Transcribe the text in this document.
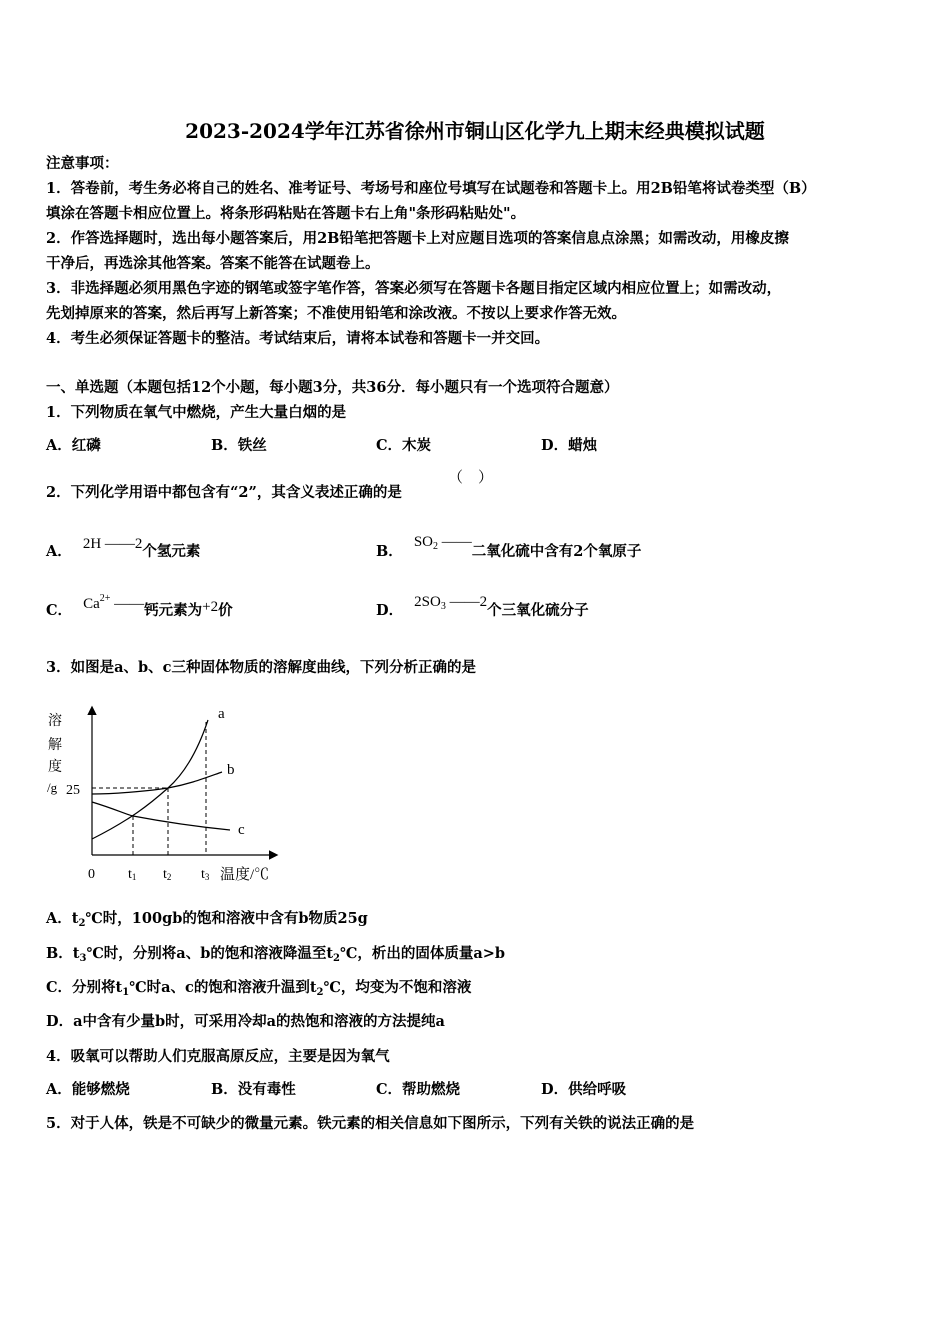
2023-2024学年江苏省徐州市铜山区化学九上期末经典模拟试题
注意事项：
1．答卷前，考生务必将自己的姓名、准考证号、考场号和座位号填写在试题卷和答题卡上。用2B铅笔将试卷类型（B）
填涂在答题卡相应位置上。将条形码粘贴在答题卡右上角"条形码粘贴处"。
2．作答选择题时，选出每小题答案后，用2B铅笔把答题卡上对应题目选项的答案信息点涂黑；如需改动，用橡皮擦
干净后，再选涂其他答案。答案不能答在试题卷上。
3．非选择题必须用黑色字迹的钢笔或签字笔作答，答案必须写在答题卡各题目指定区域内相应位置上；如需改动，
先划掉原来的答案，然后再写上新答案；不准使用铅笔和涂改液。不按以上要求作答无效。
4．考生必须保证答题卡的整洁。考试结束后，请将本试卷和答题卡一并交回。
一、单选题（本题包括12个小题，每小题3分，共36分．每小题只有一个选项符合题意）
1．下列物质在氧气中燃烧，产生大量白烟的是
A．红磷	B．铁丝	C．木炭	D．蜡烛
2．下列化学用语中都包含有“2”，其含义表述正确的是
（　）
A． 2H ——2个氢元素	B． $SO_2$ ——二氧化硫中含有2个氧原子
C． $Ca^{2+}$ ——钙元素为+2价	D． $2SO_3$ ——2个三氧化硫分子
3．如图是a、b、c三种固体物质的溶解度曲线，下列分析正确的是
溶
解
度
/g 25
a
b
c
0 t1 t2 t3 温度/℃
A．$t_2℃$时，100gb的饱和溶液中含有b物质25g
B．$t_3℃$时，分别将a、b的饱和溶液降温至$t_2℃$，析出的固体质量a>b
C．分别将$t_1℃$时a、c的饱和溶液升温到$t_2℃$，均变为不饱和溶液
D．a中含有少量b时，可采用冷却a的热饱和溶液的方法提纯a
4．吸氧可以帮助人们克服高原反应，主要是因为氧气
A．能够燃烧	B．没有毒性	C．帮助燃烧	D．供给呼吸
5．对于人体，铁是不可缺少的微量元素。铁元素的相关信息如下图所示，下列有关铁的说法正确的是
